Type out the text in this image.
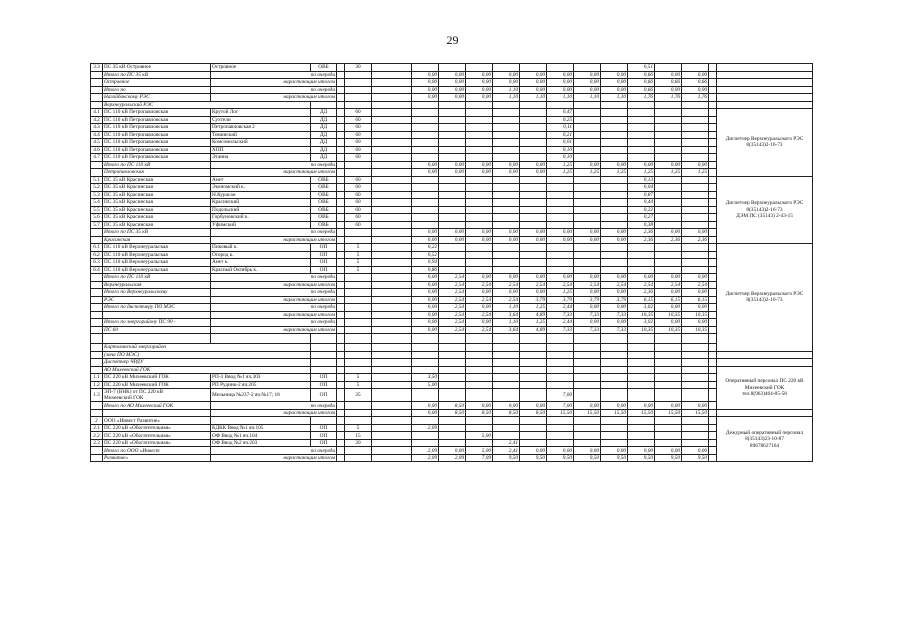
29
3.3	ПС 35 кВ Островное	Островное	ОВБ		30										0,51				
	Итого по ПС 35 кВ	по очереди					0,00	0,00	0,00	0,00	0,00	0,00	0,00	0,00	0,66	0,00	0,00		
	Островное	нарастающим итогом					0,00	0,00	0,00	0,00	0,00	0,00	0,00	0,00	0,66	0,66	0,66		
	Итого по	по очереди					0,00	0,00	0,00	1,10	0,00	0,00	0,00	0,00	0,66	0,00	0,00		
	Нагайбакскому РЭС	нарастающим итогом					0,00	0,00	0,00	1,10	1,10	1,10	1,10	1,10	1,76	1,76	1,76		
	Верхнеуральский РЭС																		
4.1	ПС 110 кВ Петропавловская	Крутой Лог	ДД		60							0,47							Диспетчер Верхнеуральского РЭС
8(35143)2-16-73

4.2	ПС 110 кВ Петропавловская	Сухтели	ДД		60							0,25							
4.3	ПС 110 кВ Петропавловская	Петропавловская 2	ДД		60							0,11							
4.4	ПС 110 кВ Петропавловская	Томинский	ДД		60							0,21							
4.5	ПС 110 кВ Петропавловская	Комсомольский	ДД		60							0,01							
4.6	ПС 110 кВ Петропавловская	ХПП	ДД		60							0,10							
4.7	ПС 110 кВ Петропавловская	Этанна	ДД		60							0,10							
	Итого по ПС 110 кВ	по очереди					0,00	0,00	0,00	0,00	0,00	1,25	0,00	0,00	0,00	0,00	0,00		
	Петропавловская	нарастающим итогом					0,00	0,00	0,00	0,00	0,00	1,25	1,25	1,25	1,25	1,25	1,25		
5.1	ПС 35 кВ Красинская	Анет	ОВБ		60										0,13				Диспетчер Верхнеуральского РЭС
8(35143)2-16-73
ДЭМ ПС (35143) 2-43-15

5.2	ПС 35 кВ Красинская	Экономский к.	ОВБ		60										0,04				
5.3	ПС 35 кВ Красинская	Н.Курасан	ОВБ		60										0,87				
5.4	ПС 35 кВ Красинская	Красинский	ОВБ		60										0,44				
5.5	ПС 35 кВ Красинская	Подольский	ОВБ		60										0,22				
5.6	ПС 35 кВ Красинская	Горбуновский к.	ОВБ		60										0,27				
5.7	ПС 35 кВ Красинская	Уфимский	ОВБ		60										0,38				
	Итого по ПС 35 кВ	по очереди					0,00	0,00	0,00	0,00	0,00	0,00	0,00	0,00	2,36	0,00	0,00		
	Красинская	нарастающим итогом					0,00	0,00	0,00	0,00	0,00	0,00	0,00	0,00	2,36	2,36	2,36		
6.1	ПС 110 кВ Верхнеуральская	Пиковый к.	ОП		5		0,22												Диспетчер Верхнеуральского РЭС
8(35143)2-16-73

6.2	ПС 110 кВ Верхнеуральская	Огород к.	ОП		5		0,52												
6.3	ПС 110 кВ Верхнеуральская	Анет к.	ОП		5		0,94												
6.4	ПС 110 кВ Верхнеуральская	Красный Октябрь к.	ОП		5		0,86												
	Итого по ПС 110 кВ	по очереди					0,00	2,54	0,00	0,00	0,00	0,00	0,00	0,00	0,00	0,00	0,00		
	Верхнеуральская	нарастающим итогом					0,00	2,54	2,54	2,54	2,54	2,54	2,54	2,54	2,54	2,54	2,54		
	Итого по Верхнеуральскому	по очереди					0,00	2,54	0,00	0,00	0,00	1,25	0,00	0,00	2,36	0,00	0,00		
	РЭС	нарастающим итогом					0,00	2,54	2,54	2,54	3,79	3,79	3,79	3,79	6,15	6,15	6,15		
	Итого по диспетчеру ПО МЭС	по очереди					0,00	2,54	0,00	1,10	1,25	2,44	0,00	0,00	3,02	0,00	0,00		
		нарастающим итогом					0,00	2,54	2,54	3,64	4,89	7,33	7,33	7,33	10,35	10,35	10,35		
	Итого по энергорайону ПС 90 -	по очереди					0,00	2,54	0,00	1,10	1,25	2,44	0,00	0,00	3,02	0,00	0,00		
	ПС 60	нарастающим итогом					0,00	2,54	2,54	3,64	4,89	7,33	7,33	7,33	10,35	10,35	10,35		

	Картолинский энергорайон																		
	(зона ПО МЭС)																		
	Диспетчер ЧРДУ																		
	АО Михеевский ГОК																		Оперативный персонал ПС 220 кВ
Михеевский ГОК
тел.8(963)464-85-58

1.1	ПС 220 кВ Михеевский ГОК	РП-3 Ввод №1 яч.303	ОП		5		3,50												
1.2	ПС 220 кВ Михеевский ГОК	РП Рудник-2 яч.205	ОП		5		5,00												
1.3	ЭП-7 (ВНК) от ПС 220 кВ
Михеевский ГОК	Мельница №237-2 яч.№17; 18	ОП		35							7,00							
	Итого по АО Михеевский ГОК	по очереди					0,00	8,50	0,00	0,00	0,00	7,00	0,00	0,00	0,00	0,00	0,00		
		нарастающим итогом					0,00	8,50	8,50	8,50	8,50	15,50	15,50	15,50	15,50	15,50	15,50		
2	ООО «Инвест Развитие»																		Дежурный оперативный персонал
8(35143)23-10-87
89678627164

2.1	ПС 220 кВ «Обогатительная»	КДКК Ввод №1 яч.105	ОП		5		2,09												
2.2	ПС 220 кВ «Обогатительная»	ОФ Ввод №1 яч.104	ОП		15				5,00										
2.3	ПС 220 кВ «Обогатительная»	ОФ Ввод №2 яч.203	ОП		20					2,41									
	Итого по ООО «Инвест	по очереди					2,09	0,00	5,00	2,41	0,00	0,00	0,00	0,00	0,00	0,00	0,00		
	Развитие»	нарастающим итогом					2,09	2,09	7,09	9,50	9,50	9,50	9,50	9,50	9,50	9,50	9,50		
